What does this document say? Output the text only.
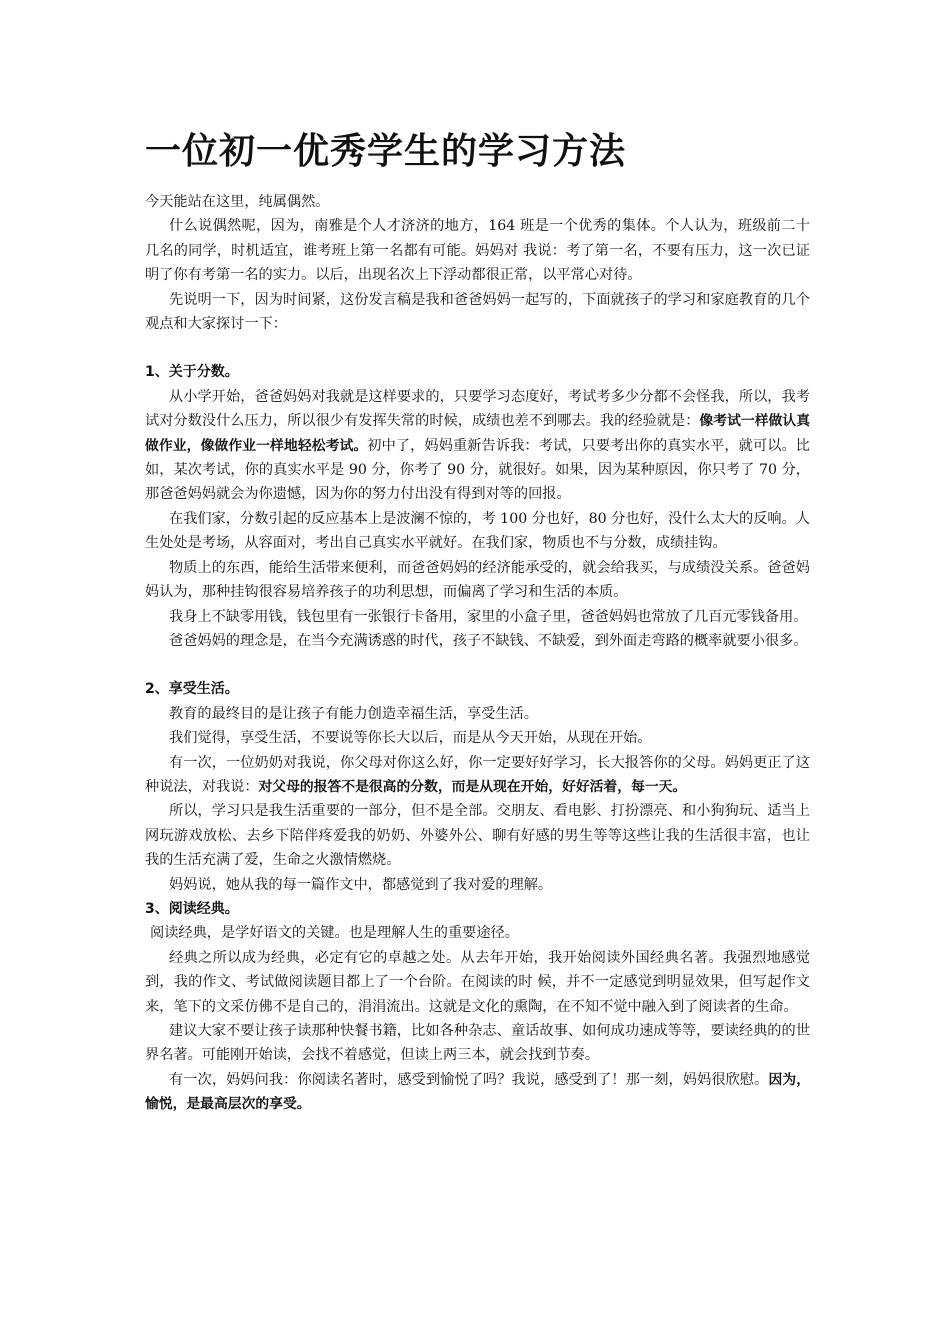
一位初一优秀学生的学习方法

今天能站在这里，纯属偶然。

什么说偶然呢，因为，南雅是个人才济济的地方，164 班是一个优秀的集体。个人认为，班级前二十几名的同学，时机适宜，谁考班上第一名都有可能。妈妈对 我说：考了第一名，不要有压力，这一次已证明了你有考第一名的实力。以后，出现名次上下浮动都很正常，以平常心对待。

先说明一下，因为时间紧，这份发言稿是我和爸爸妈妈一起写的，下面就孩子的学习和家庭教育的几个观点和大家探讨一下：

1、关于分数。

从小学开始，爸爸妈妈对我就是这样要求的，只要学习态度好，考试考多少分都不会怪我，所以，我考试对分数没什么压力，所以很少有发挥失常的时候，成绩也差不到哪去。我的经验就是：像考试一样做认真做作业，像做作业一样地轻松考试。初中了，妈妈重新告诉我：考试，只要考出你的真实水平，就可以。比如，某次考试，你的真实水平是 90 分，你考了 90 分，就很好。如果，因为某种原因，你只考了 70 分，那爸爸妈妈就会为你遗憾，因为你的努力付出没有得到对等的回报。

在我们家，分数引起的反应基本上是波澜不惊的，考 100 分也好，80 分也好，没什么太大的反响。人生处处是考场，从容面对，考出自己真实水平就好。在我们家，物质也不与分数，成绩挂钩。

物质上的东西，能给生活带来便利，而爸爸妈妈的经济能承受的，就会给我买，与成绩没关系。爸爸妈妈认为，那种挂钩很容易培养孩子的功利思想，而偏离了学习和生活的本质。

我身上不缺零用钱，钱包里有一张银行卡备用，家里的小盒子里，爸爸妈妈也常放了几百元零钱备用。

爸爸妈妈的理念是，在当今充满诱惑的时代，孩子不缺钱、不缺爱，到外面走弯路的概率就要小很多。

2、享受生活。

教育的最终目的是让孩子有能力创造幸福生活，享受生活。

我们觉得，享受生活，不要说等你长大以后，而是从今天开始，从现在开始。

有一次，一位奶奶对我说，你父母对你这么好，你一定要好好学习，长大报答你的父母。妈妈更正了这种说法，对我说：对父母的报答不是很高的分数，而是从现在开始，好好活着，每一天。

所以，学习只是我生活重要的一部分，但不是全部。交朋友、看电影、打扮漂亮、和小狗狗玩、适当上网玩游戏放松、去乡下陪伴疼爱我的奶奶、外婆外公、聊有好感的男生等等这些让我的生活很丰富，也让我的生活充满了爱，生命之火激情燃烧。

妈妈说，她从我的每一篇作文中，都感觉到了我对爱的理解。

3、阅读经典。

阅读经典，是学好语文的关键。也是理解人生的重要途径。

经典之所以成为经典，必定有它的卓越之处。从去年开始，我开始阅读外国经典名著。我强烈地感觉到，我的作文、考试做阅读题目都上了一个台阶。在阅读的时 候，并不一定感觉到明显效果，但写起作文来，笔下的文采仿佛不是自己的，涓涓流出。这就是文化的熏陶，在不知不觉中融入到了阅读者的生命。

建议大家不要让孩子读那种快餐书籍，比如各种杂志、童话故事、如何成功速成等等，要读经典的的世界名著。可能刚开始读，会找不着感觉，但读上两三本，就会找到节奏。

有一次，妈妈问我：你阅读名著时，感受到愉悦了吗？我说，感受到了！那一刻，妈妈很欣慰。因为，愉悦，是最高层次的享受。
